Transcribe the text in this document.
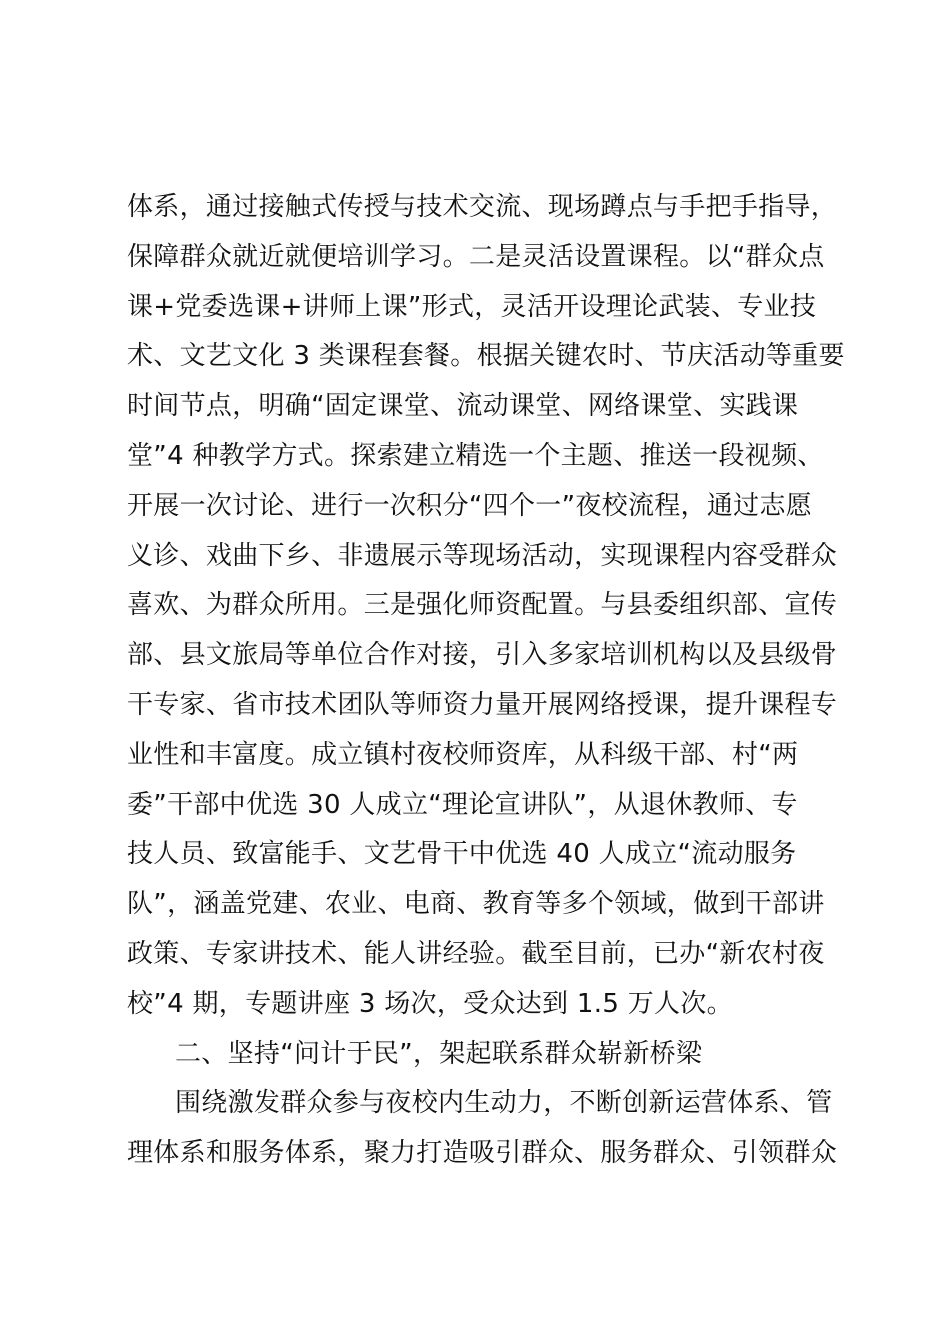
体系，通过接触式传授与技术交流、现场蹲点与手把手指导，
保障群众就近就便培训学习。二是灵活设置课程。以“群众点
课+党委选课+讲师上课”形式，灵活开设理论武装、专业技
术、文艺文化 3 类课程套餐。根据关键农时、节庆活动等重要
时间节点，明确“固定课堂、流动课堂、网络课堂、实践课
堂”4 种教学方式。探索建立精选一个主题、推送一段视频、
开展一次讨论、进行一次积分“四个一”夜校流程，通过志愿
义诊、戏曲下乡、非遗展示等现场活动，实现课程内容受群众
喜欢、为群众所用。三是强化师资配置。与县委组织部、宣传
部、县文旅局等单位合作对接，引入多家培训机构以及县级骨
干专家、省市技术团队等师资力量开展网络授课，提升课程专
业性和丰富度。成立镇村夜校师资库，从科级干部、村“两
委”干部中优选 30 人成立“理论宣讲队”，从退休教师、专
技人员、致富能手、文艺骨干中优选 40 人成立“流动服务
队”，涵盖党建、农业、电商、教育等多个领域，做到干部讲
政策、专家讲技术、能人讲经验。截至目前，已办“新农村夜
校”4 期，专题讲座 3 场次，受众达到 1.5 万人次。
二、坚持“问计于民”，架起联系群众崭新桥梁
围绕激发群众参与夜校内生动力，不断创新运营体系、管
理体系和服务体系，聚力打造吸引群众、服务群众、引领群众
